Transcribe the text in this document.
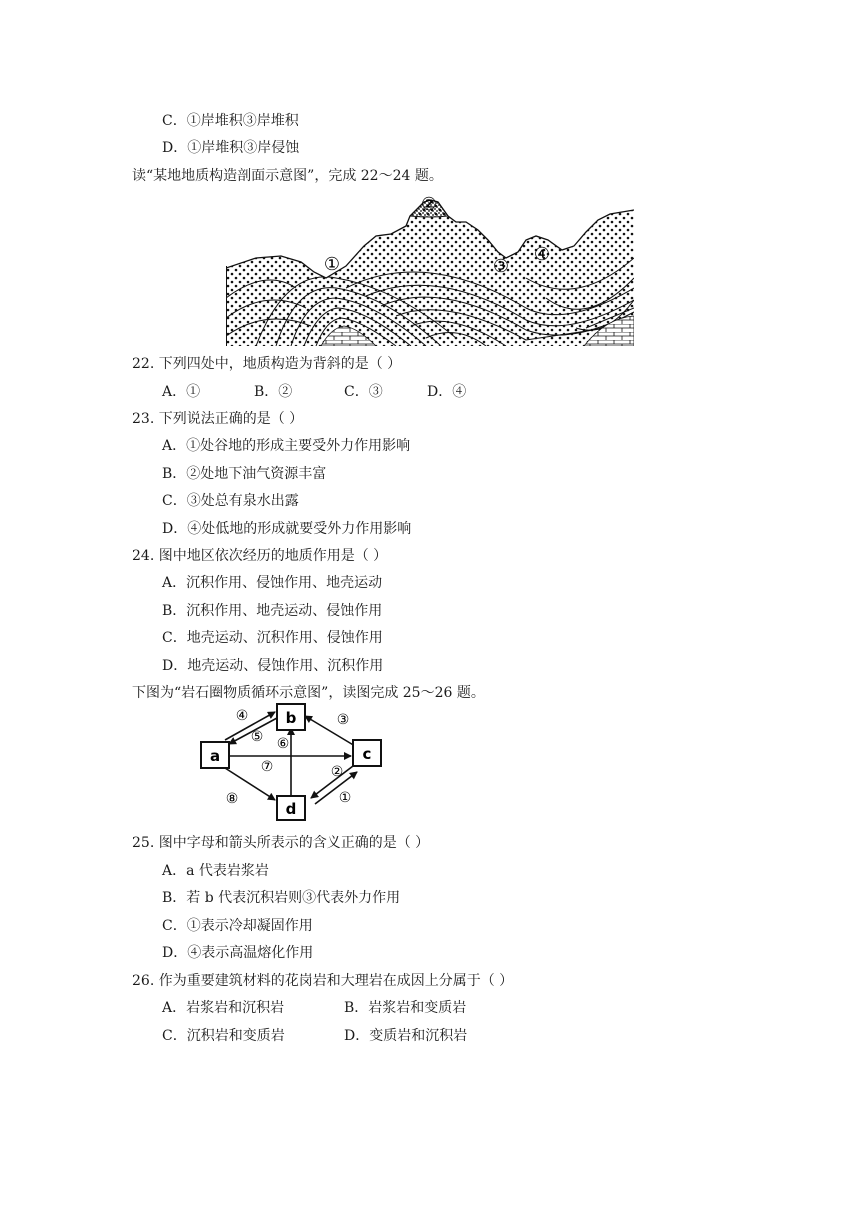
C．①岸堆积③岸堆积
D．①岸堆积③岸侵蚀
读“某地地质构造剖面示意图”，完成 22～24 题。
①
②
③
④
22. 下列四处中，地质构造为背斜的是（ ）
A．①	B．②	C．③	D．④
23. 下列说法正确的是（ ）
A．①处谷地的形成主要受外力作用影响
B．②处地下油气资源丰富
C．③处总有泉水出露
D．④处低地的形成就要受外力作用影响
24. 图中地区依次经历的地质作用是（ ）
A．沉积作用、侵蚀作用、地壳运动
B．沉积作用、地壳运动、侵蚀作用
C．地壳运动、沉积作用、侵蚀作用
D．地壳运动、侵蚀作用、沉积作用
下图为“岩石圈物质循环示意图”，读图完成 25～26 题。
a
b
c
d
④
⑤ ⑥
③
⑦	②
⑧	①
25. 图中字母和箭头所表示的含义正确的是（ ）
A．a 代表岩浆岩
B．若 b 代表沉积岩则③代表外力作用
C．①表示冷却凝固作用
D．④表示高温熔化作用
26. 作为重要建筑材料的花岗岩和大理岩在成因上分属于（ ）
A．岩浆岩和沉积岩	B．岩浆岩和变质岩
C．沉积岩和变质岩	D．变质岩和沉积岩
